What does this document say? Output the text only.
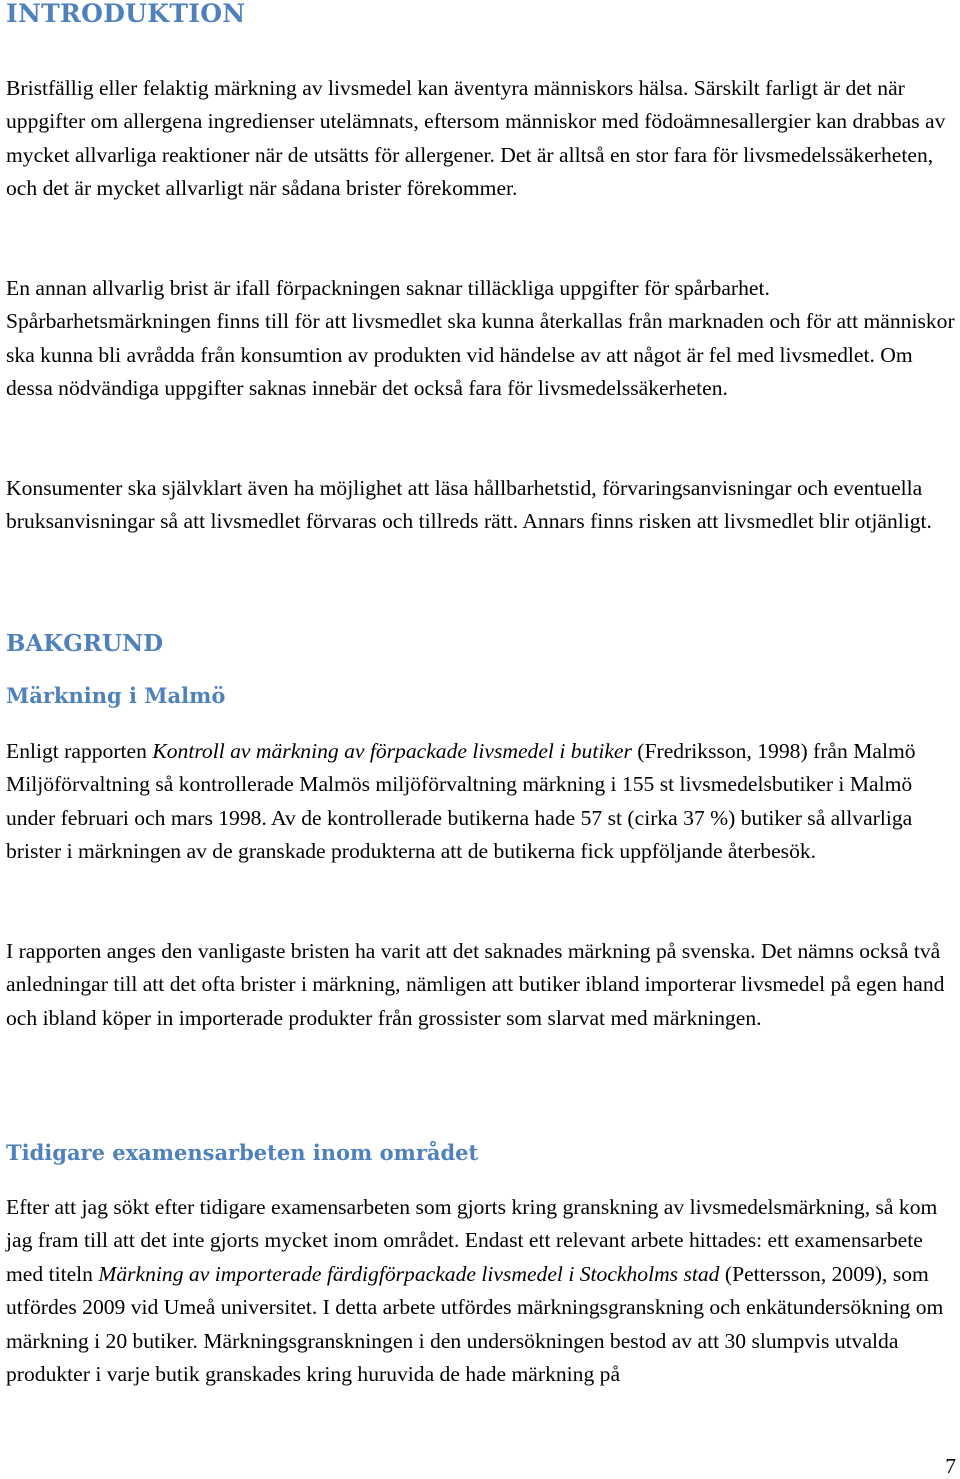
INTRODUKTION

Bristfällig eller felaktig märkning av livsmedel kan äventyra människors hälsa. Särskilt farligt är det när uppgifter om allergena ingredienser utelämnats, eftersom människor med födoämnesallergier kan drabbas av mycket allvarliga reaktioner när de utsätts för allergener. Det är alltså en stor fara för livsmedelssäkerheten, och det är mycket allvarligt när sådana brister förekommer.

En annan allvarlig brist är ifall förpackningen saknar tilläckliga uppgifter för spårbarhet. Spårbarhetsmärkningen finns till för att livsmedlet ska kunna återkallas från marknaden och för att människor ska kunna bli avrådda från konsumtion av produkten vid händelse av att något är fel med livsmedlet. Om dessa nödvändiga uppgifter saknas innebär det också fara för livsmedelssäkerheten.

Konsumenter ska självklart även ha möjlighet att läsa hållbarhetstid, förvaringsanvisningar och eventuella bruksanvisningar så att livsmedlet förvaras och tillreds rätt. Annars finns risken att livsmedlet blir otjänligt.

BAKGRUND
Märkning i Malmö

Enligt rapporten Kontroll av märkning av förpackade livsmedel i butiker (Fredriksson, 1998) från Malmö Miljöförvaltning så kontrollerade Malmös miljöförvaltning märkning i 155 st livsmedelsbutiker i Malmö under februari och mars 1998. Av de kontrollerade butikerna hade 57 st (cirka 37 %) butiker så allvarliga brister i märkningen av de granskade produkterna att de butikerna fick uppföljande återbesök.

I rapporten anges den vanligaste bristen ha varit att det saknades märkning på svenska. Det nämns också två anledningar till att det ofta brister i märkning, nämligen att butiker ibland importerar livsmedel på egen hand och ibland köper in importerade produkter från grossister som slarvat med märkningen.

Tidigare examensarbeten inom området

Efter att jag sökt efter tidigare examensarbeten som gjorts kring granskning av livsmedelsmärkning, så kom jag fram till att det inte gjorts mycket inom området. Endast ett relevant arbete hittades: ett examensarbete med titeln Märkning av importerade färdigförpackade livsmedel i Stockholms stad (Pettersson, 2009), som utfördes 2009 vid Umeå universitet. I detta arbete utfördes märkningsgranskning och enkätundersökning om märkning i 20 butiker. Märkningsgranskningen i den undersökningen bestod av att 30 slumpvis utvalda produkter i varje butik granskades kring huruvida de hade märkning på

7
